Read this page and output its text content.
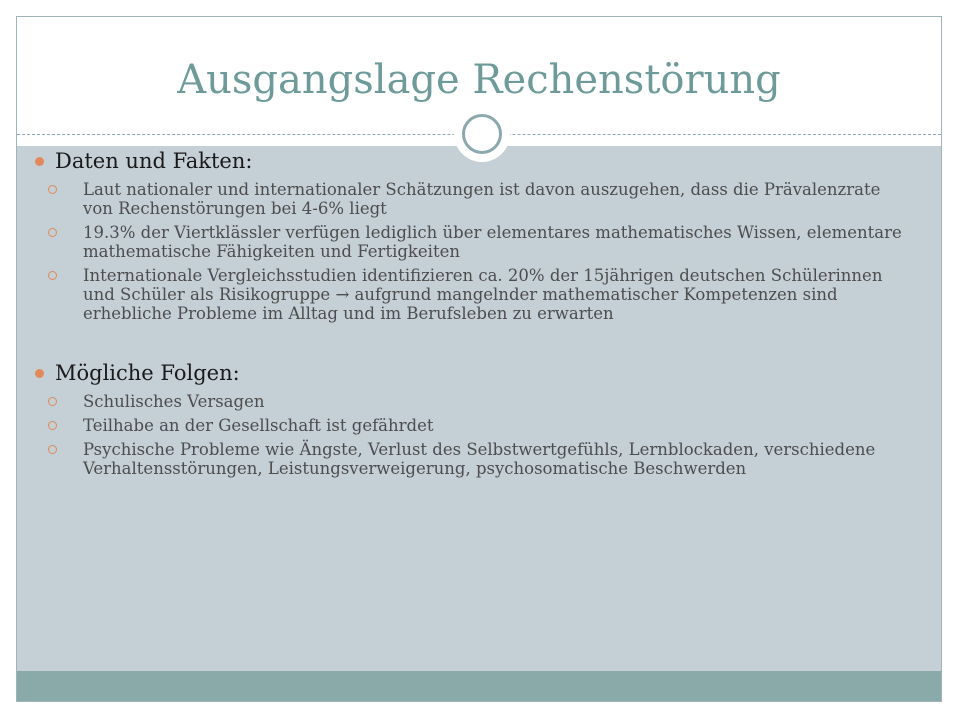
Ausgangslage Rechenstörung
Daten und Fakten:
Laut nationaler und internationaler Schätzungen ist davon auszugehen, dass die Prävalenzrate von Rechenstörungen bei 4-6% liegt
19.3% der Viertklässler verfügen lediglich über elementares mathematisches Wissen, elementare mathematische Fähigkeiten und Fertigkeiten
Internationale Vergleichsstudien identifizieren ca. 20% der 15jährigen deutschen Schülerinnen und Schüler als Risikogruppe → aufgrund mangelnder mathematischer Kompetenzen sind erhebliche Probleme im Alltag und im Berufsleben zu erwarten
Mögliche Folgen:
Schulisches Versagen
Teilhabe an der Gesellschaft ist gefährdet
Psychische Probleme wie Ängste, Verlust des Selbstwertgefühls, Lernblockaden, verschiedene Verhaltensstörungen, Leistungsverweigerung, psychosomatische Beschwerden
